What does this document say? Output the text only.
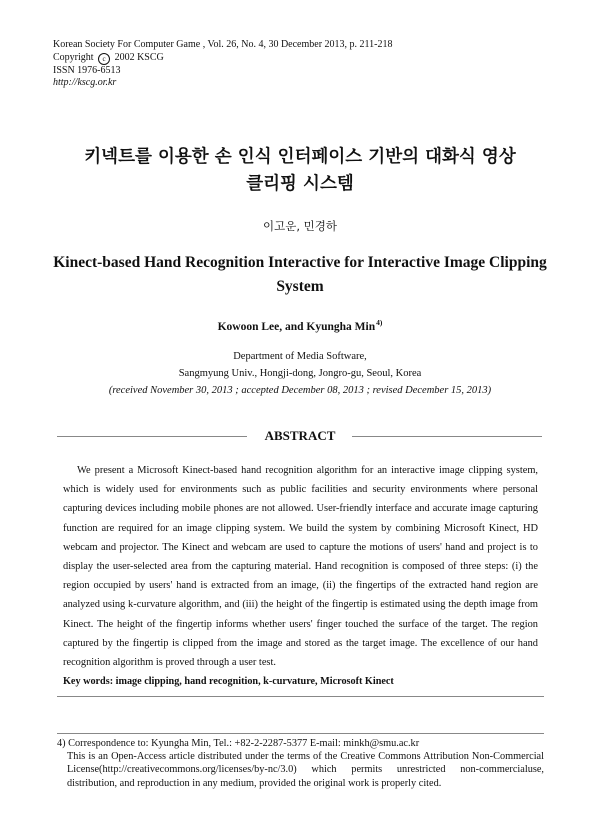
Korean Society For Computer Game , Vol. 26, No. 4, 30 December 2013, p. 211-218
Copyright c 2002 KSCG
ISSN 1976-6513
http://kscg.or.kr
키넥트를 이용한 손 인식 인터페이스 기반의 대화식 영상
클리핑 시스템
이고운, 민경하
Kinect-based Hand Recognition Interactive for Interactive Image Clipping
System
Kowoon Lee, and Kyungha Min$^{4)}$
Department of Media Software,
Sangmyung Univ., Hongji-dong, Jongro-gu, Seoul, Korea
(received November 30, 2013 ; accepted December 08, 2013 ; revised December 15, 2013)
ABSTRACT
We present a Microsoft Kinect-based hand recognition algorithm for an interactive image clipping system, which is widely used for environments such as public facilities and security environments where personal capturing devices including mobile phones are not allowed. User-friendly interface and accurate image capturing function are required for an image clipping system. We build the system by combining Microsoft Kinect, HD webcam and projector. The Kinect and webcam are used to capture the motions of users' hand and project is to display the user-selected area from the capturing material. Hand recognition is composed of three steps: (i) the region occupied by users' hand is extracted from an image, (ii) the fingertips of the extracted hand region are analyzed using k-curvature algorithm, and (iii) the height of the fingertip is estimated using the depth image from Kinect. The height of the fingertip informs whether users' finger touched the surface of the target. The region captured by the fingertip is clipped from the image and stored as the target image. The excellence of our hand recognition algorithm is proved through a user test.
Key words: image clipping, hand recognition, k-curvature, Microsoft Kinect
4) Correspondence to: Kyungha Min, Tel.: +82-2-2287-5377 E-mail: minkh@smu.ac.kr
This is an Open-Access article distributed under the terms of the Creative Commons Attribution Non-Commercial License(http://creativecommons.org/licenses/by-nc/3.0) which permits unrestricted non-commercialuse, distribution, and reproduction in any medium, provided the original work is properly cited.
